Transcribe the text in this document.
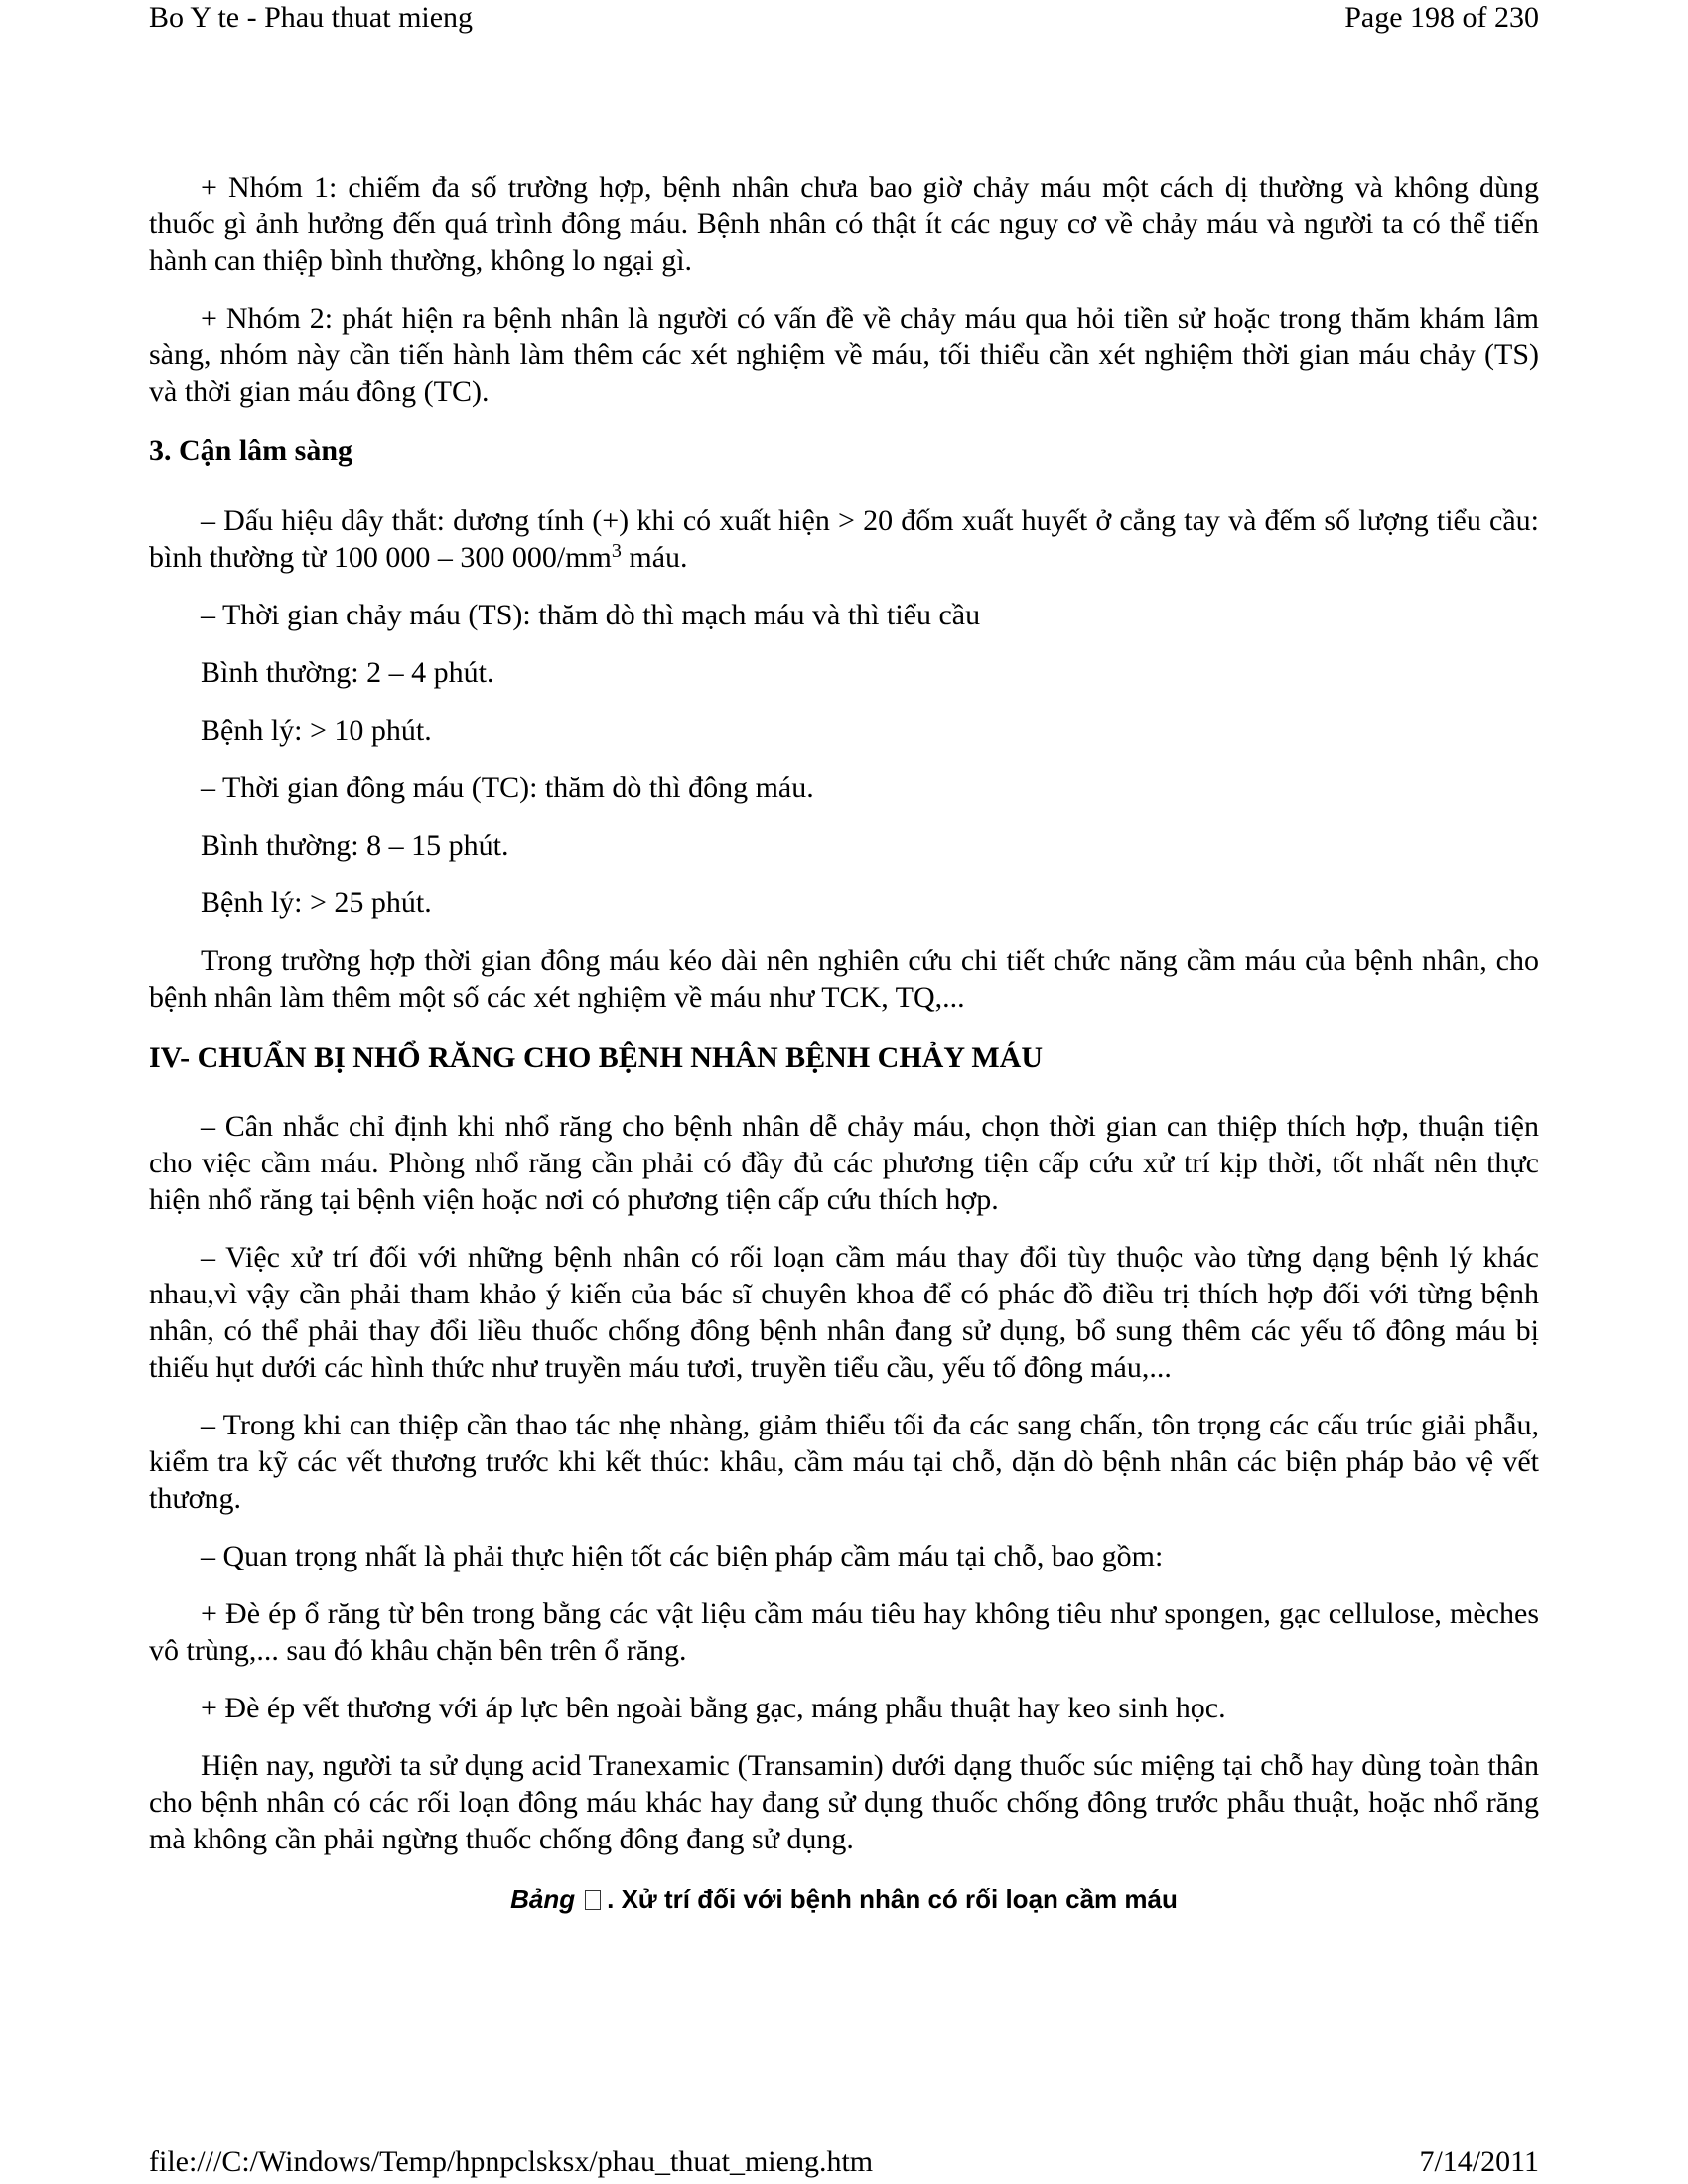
Bo Y te - Phau thuat mieng	Page 198 of 230

+ Nhóm 1: chiếm đa số trường hợp, bệnh nhân chưa bao giờ chảy máu một cách dị thường và không dùng thuốc gì ảnh hưởng đến quá trình đông máu. Bệnh nhân có thật ít các nguy cơ về chảy máu và người ta có thể tiến hành can thiệp bình thường, không lo ngại gì.

+ Nhóm 2: phát hiện ra bệnh nhân là người có vấn đề về chảy máu qua hỏi tiền sử hoặc trong thăm khám lâm sàng, nhóm này cần tiến hành làm thêm các xét nghiệm về máu, tối thiểu cần xét nghiệm thời gian máu chảy (TS) và thời gian máu đông (TC).

3. Cận lâm sàng

– Dấu hiệu dây thắt: dương tính (+) khi có xuất hiện > 20 đốm xuất huyết ở cẳng tay và đếm số lượng tiểu cầu: bình thường từ 100 000 – 300 $000/mm^3$ máu.

– Thời gian chảy máu (TS): thăm dò thì mạch máu và thì tiểu cầu

Bình thường: 2 – 4 phút.

Bệnh lý: > 10 phút.

– Thời gian đông máu (TC): thăm dò thì đông máu.

Bình thường: 8 – 15 phút.

Bệnh lý: > 25 phút.

Trong trường hợp thời gian đông máu kéo dài nên nghiên cứu chi tiết chức năng cầm máu của bệnh nhân, cho bệnh nhân làm thêm một số các xét nghiệm về máu như TCK, TQ,...

IV- CHUẨN BỊ NHỔ RĂNG CHO BỆNH NHÂN BỆNH CHẢY MÁU

– Cân nhắc chỉ định khi nhổ răng cho bệnh nhân dễ chảy máu, chọn thời gian can thiệp thích hợp, thuận tiện cho việc cầm máu. Phòng nhổ răng cần phải có đầy đủ các phương tiện cấp cứu xử trí kịp thời, tốt nhất nên thực hiện nhổ răng tại bệnh viện hoặc nơi có phương tiện cấp cứu thích hợp.

– Việc xử trí đối với những bệnh nhân có rối loạn cầm máu thay đổi tùy thuộc vào từng dạng bệnh lý khác nhau,vì vậy cần phải tham khảo ý kiến của bác sĩ chuyên khoa để có phác đồ điều trị thích hợp đối với từng bệnh nhân, có thể phải thay đổi liều thuốc chống đông bệnh nhân đang sử dụng, bổ sung thêm các yếu tố đông máu bị thiếu hụt dưới các hình thức như truyền máu tươi, truyền tiểu cầu, yếu tố đông máu,...

– Trong khi can thiệp cần thao tác nhẹ nhàng, giảm thiểu tối đa các sang chấn, tôn trọng các cấu trúc giải phẫu, kiểm tra kỹ các vết thương trước khi kết thúc: khâu, cầm máu tại chỗ, dặn dò bệnh nhân các biện pháp bảo vệ vết thương.

– Quan trọng nhất là phải thực hiện tốt các biện pháp cầm máu tại chỗ, bao gồm:

+ Đè ép ổ răng từ bên trong bằng các vật liệu cầm máu tiêu hay không tiêu như spongen, gạc cellulose, mèches vô trùng,... sau đó khâu chặn bên trên ổ răng.

+ Đè ép vết thương với áp lực bên ngoài bằng gạc, máng phẫu thuật hay keo sinh học.

Hiện nay, người ta sử dụng acid Tranexamic (Transamin) dưới dạng thuốc súc miệng tại chỗ hay dùng toàn thân cho bệnh nhân có các rối loạn đông máu khác hay đang sử dụng thuốc chống đông trước phẫu thuật, hoặc nhổ răng mà không cần phải ngừng thuốc chống đông đang sử dụng.

Bảng . Xử trí đối với bệnh nhân có rối loạn cầm máu
file:///C:/Windows/Temp/hpnpclsksx/phau_thuat_mieng.htm	7/14/2011
